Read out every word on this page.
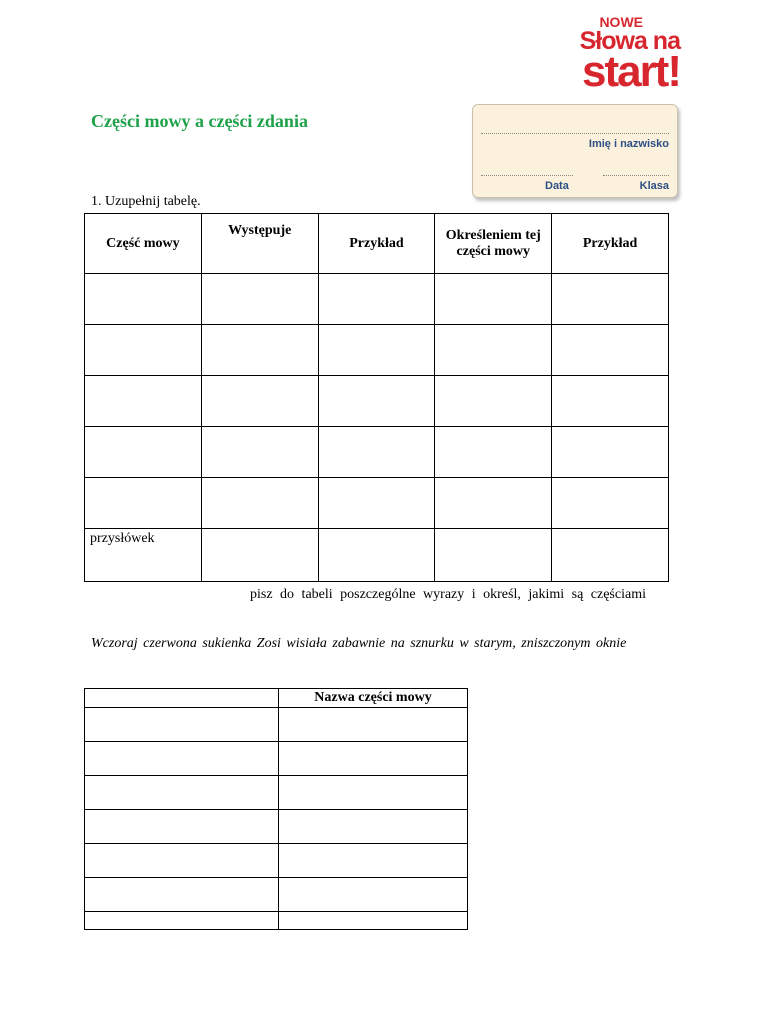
NOWE
Słowa na
start!
Części mowy a części zdania
Imię i nazwisko
Data	Klasa
1. Uzupełnij tabelę.
Część mowy	Występuje	Przykład	Określeniem tej części mowy	Przykład

przysłówek				
pisz do tabeli poszczególne wyrazy i określ, jakimi są częściami
Wczoraj czerwona sukienka Zosi wisiała zabawnie na sznurku w starym, zniszczonym oknie
	Nazwa części mowy
